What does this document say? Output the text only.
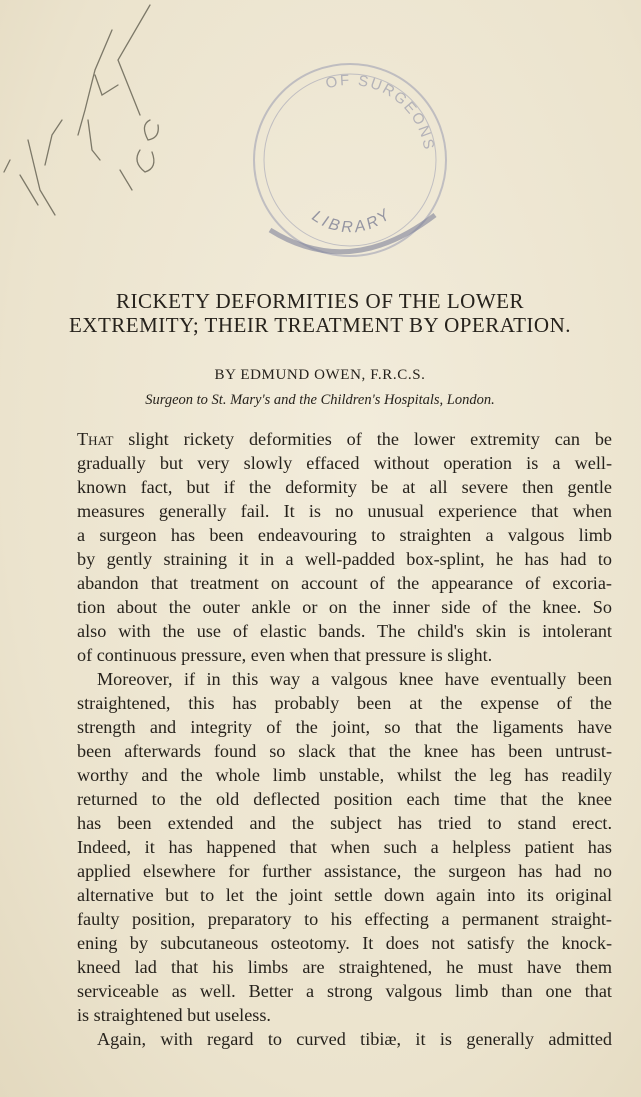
OF SURGEONS
LIBRARY
RICKETY DEFORMITIES OF THE LOWER
EXTREMITY; THEIR TREATMENT BY OPERATION.
BY EDMUND OWEN, F.R.C.S.
Surgeon to St. Mary's and the Children's Hospitals, London.
That slight rickety deformities of the lower extremity can be
gradually but very slowly effaced without operation is a well-
known fact, but if the deformity be at all severe then gentle
measures generally fail. It is no unusual experience that when
a surgeon has been endeavouring to straighten a valgous limb
by gently straining it in a well-padded box-splint, he has had to
abandon that treatment on account of the appearance of excoria-
tion about the outer ankle or on the inner side of the knee. So
also with the use of elastic bands. The child's skin is intolerant
of continuous pressure, even when that pressure is slight.
Moreover, if in this way a valgous knee have eventually been
straightened, this has probably been at the expense of the
strength and integrity of the joint, so that the ligaments have
been afterwards found so slack that the knee has been untrust-
worthy and the whole limb unstable, whilst the leg has readily
returned to the old deflected position each time that the knee
has been extended and the subject has tried to stand erect.
Indeed, it has happened that when such a helpless patient has
applied elsewhere for further assistance, the surgeon has had no
alternative but to let the joint settle down again into its original
faulty position, preparatory to his effecting a permanent straight-
ening by subcutaneous osteotomy. It does not satisfy the knock-
kneed lad that his limbs are straightened, he must have them
serviceable as well. Better a strong valgous limb than one that
is straightened but useless.
Again, with regard to curved tibiæ, it is generally admitted
